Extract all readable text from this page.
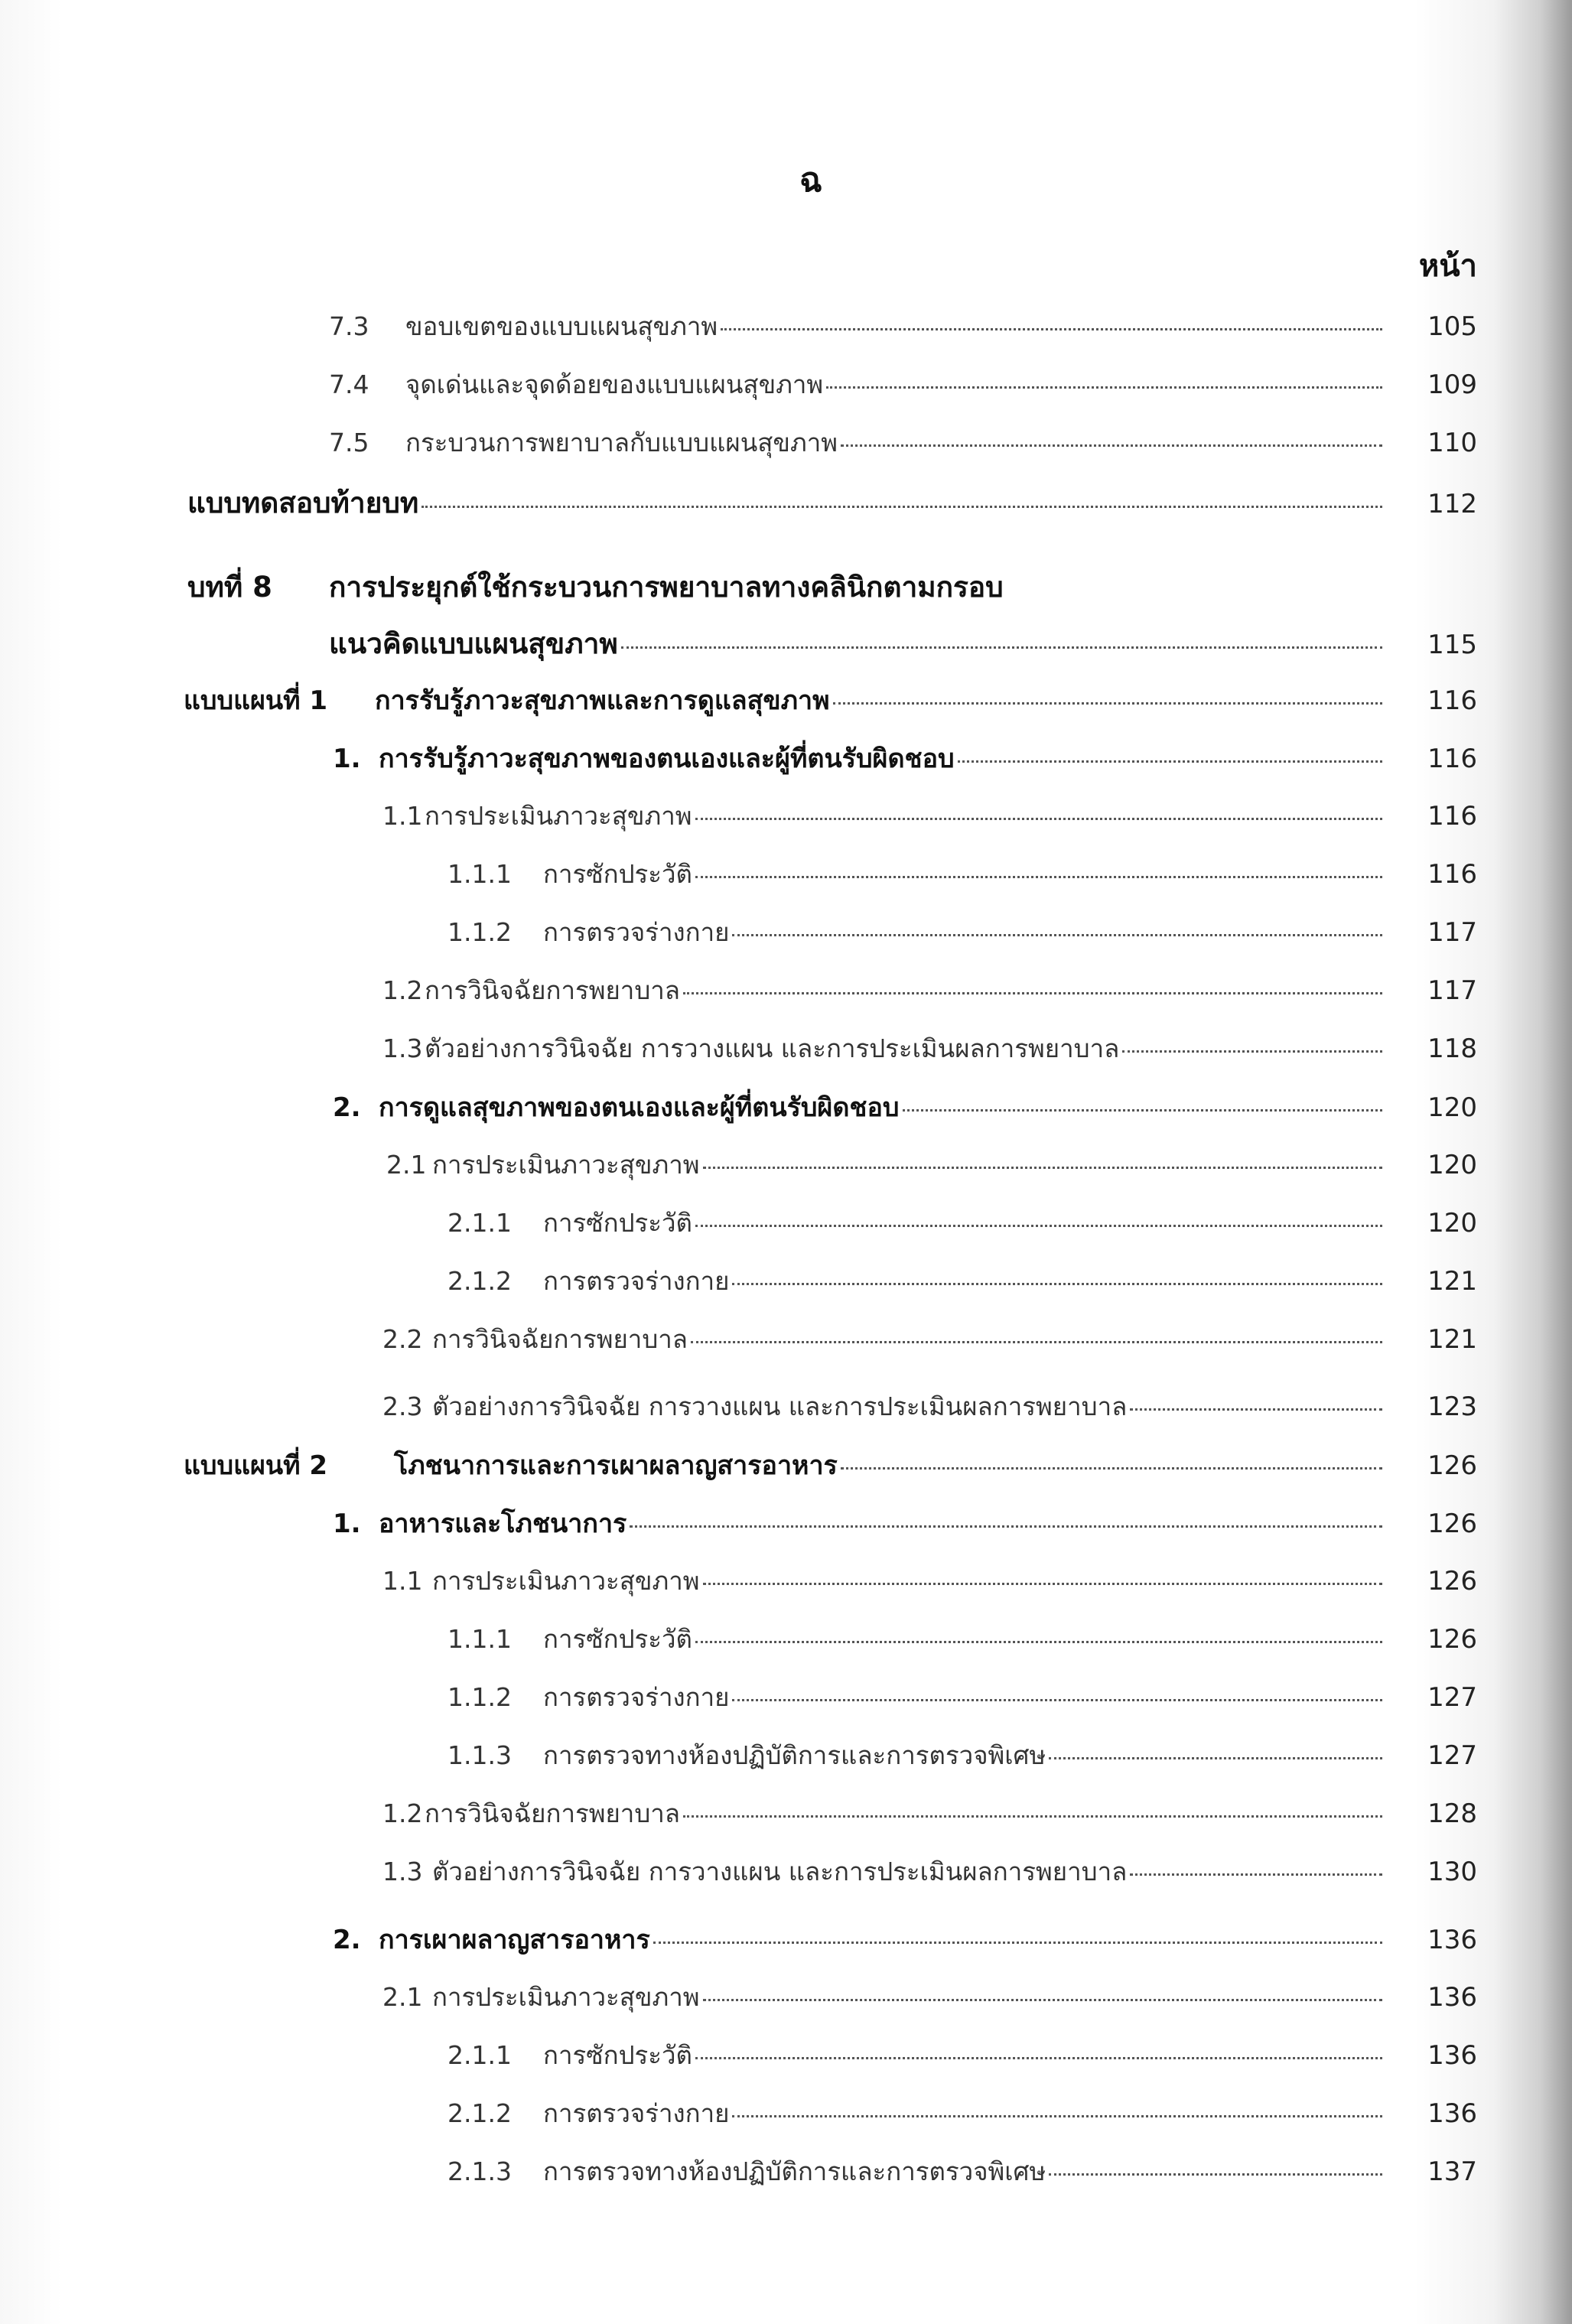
ฉ
หน้า
7.3	ขอบเขตของแบบแผนสุขภาพ	105
7.4	จุดเด่นและจุดด้อยของแบบแผนสุขภาพ	109
7.5	กระบวนการพยาบาลกับแบบแผนสุขภาพ	110
แบบทดสอบท้ายบท	112
บทที่ 8	การประยุกต์ใช้กระบวนการพยาบาลทางคลินิกตามกรอบ
แนวคิดแบบแผนสุขภาพ	115
แบบแผนที่ 1	การรับรู้ภาวะสุขภาพและการดูแลสุขภาพ	116
1. การรับรู้ภาวะสุขภาพของตนเองและผู้ที่ตนรับผิดชอบ	116
1.1 การประเมินภาวะสุขภาพ	116
1.1.1	การซักประวัติ	116
1.1.2	การตรวจร่างกาย	117
1.2 การวินิจฉัยการพยาบาล	117
1.3 ตัวอย่างการวินิจฉัย การวางแผน และการประเมินผลการพยาบาล	118
2. การดูแลสุขภาพของตนเองและผู้ที่ตนรับผิดชอบ	120
2.1 การประเมินภาวะสุขภาพ	120
2.1.1	การซักประวัติ	120
2.1.2	การตรวจร่างกาย	121
2.2 การวินิจฉัยการพยาบาล	121
2.3 ตัวอย่างการวินิจฉัย การวางแผน และการประเมินผลการพยาบาล	123
แบบแผนที่ 2	โภชนาการและการเผาผลาญสารอาหาร	126
1. อาหารและโภชนาการ	126
1.1 การประเมินภาวะสุขภาพ	126
1.1.1	การซักประวัติ	126
1.1.2	การตรวจร่างกาย	127
1.1.3	การตรวจทางห้องปฏิบัติการและการตรวจพิเศษ	127
1.2 การวินิจฉัยการพยาบาล	128
1.3 ตัวอย่างการวินิจฉัย การวางแผน และการประเมินผลการพยาบาล	130
2. การเผาผลาญสารอาหาร	136
2.1 การประเมินภาวะสุขภาพ	136
2.1.1	การซักประวัติ	136
2.1.2	การตรวจร่างกาย	136
2.1.3	การตรวจทางห้องปฏิบัติการและการตรวจพิเศษ	137
